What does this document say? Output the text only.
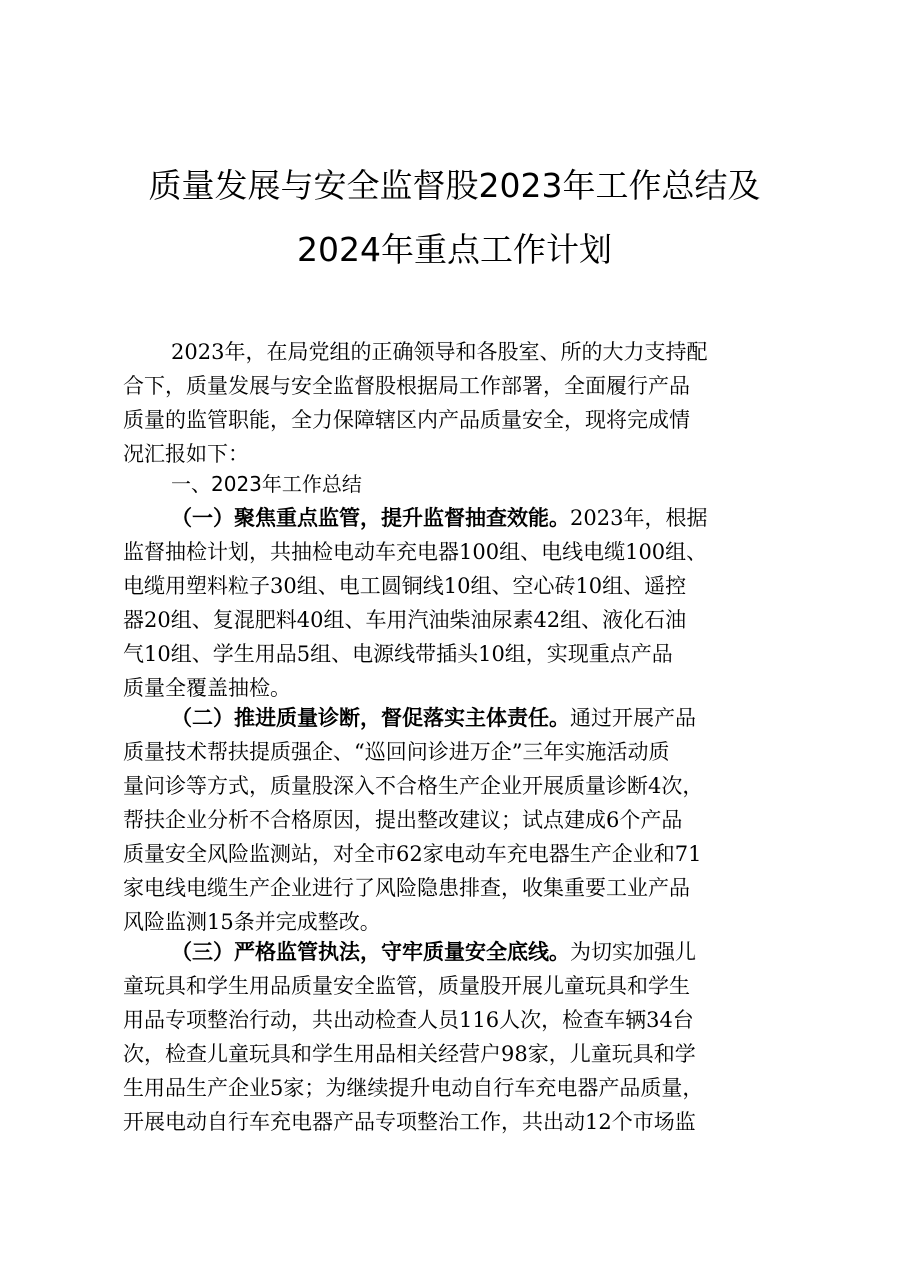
质量发展与安全监督股2023年工作总结及
2024年重点工作计划
2023年，在局党组的正确领导和各股室、所的大力支持配
合下，质量发展与安全监督股根据局工作部署，全面履行产品
质量的监管职能，全力保障辖区内产品质量安全，现将完成情
况汇报如下：
一、2023年工作总结
（一）聚焦重点监管，提升监督抽查效能。2023年，根据
监督抽检计划，共抽检电动车充电器100组、电线电缆100组、
电缆用塑料粒子30组、电工圆铜线10组、空心砖10组、遥控
器20组、复混肥料40组、车用汽油柴油尿素42组、液化石油
气10组、学生用品5组、电源线带插头10组，实现重点产品
质量全覆盖抽检。
（二）推进质量诊断，督促落实主体责任。通过开展产品
质量技术帮扶提质强企、“巡回问诊进万企”三年实施活动质
量问诊等方式，质量股深入不合格生产企业开展质量诊断4次，
帮扶企业分析不合格原因，提出整改建议；试点建成6个产品
质量安全风险监测站，对全市62家电动车充电器生产企业和71
家电线电缆生产企业进行了风险隐患排查，收集重要工业产品
风险监测15条并完成整改。
（三）严格监管执法，守牢质量安全底线。为切实加强儿
童玩具和学生用品质量安全监管，质量股开展儿童玩具和学生
用品专项整治行动，共出动检查人员116人次，检查车辆34台
次，检查儿童玩具和学生用品相关经营户98家，儿童玩具和学
生用品生产企业5家；为继续提升电动自行车充电器产品质量，
开展电动自行车充电器产品专项整治工作，共出动12个市场监
